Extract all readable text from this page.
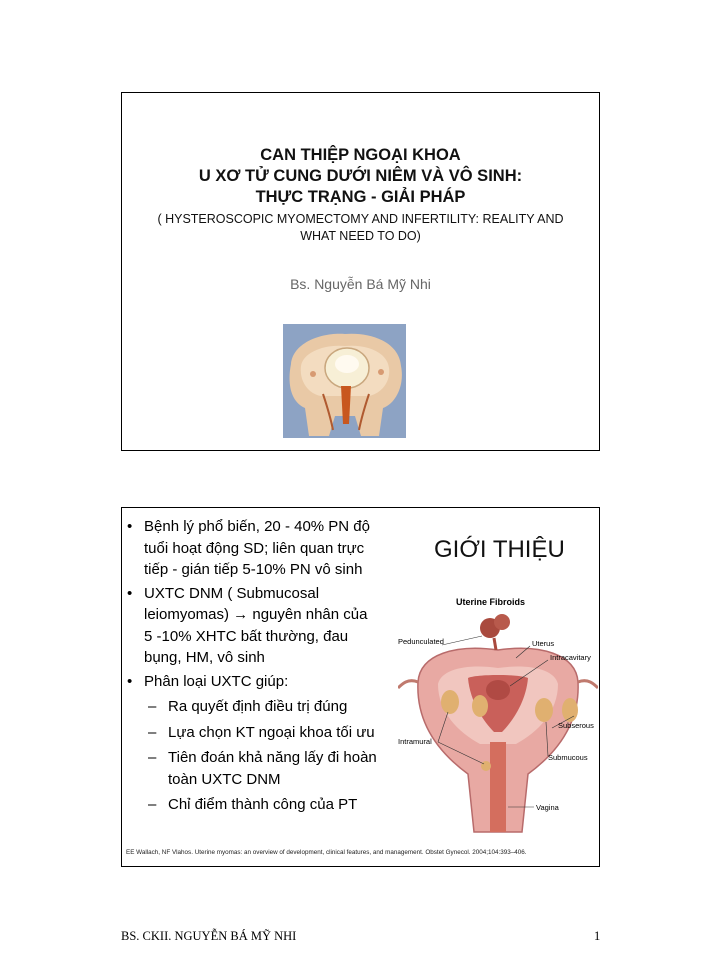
CAN THIỆP NGOẠI KHOA
U XƠ TỬ CUNG DƯỚI NIÊM VÀ VÔ SINH:
THỰC TRẠNG - GIẢI PHÁP
( HYSTEROSCOPIC MYOMECTOMY AND INFERTILITY: REALITY AND
WHAT NEED TO DO)
Bs. Nguyễn Bá Mỹ Nhi
• Bệnh lý phổ biến, 20 - 40% PN độ
tuổi hoạt động SD; liên quan trực
tiếp - gián tiếp 5-10% PN vô sinh
• UXTC DNM ( Submucosal
leiomyomas) → nguyên nhân của
5 -10% XHTC bất thường, đau
bụng, HM, vô sinh
• Phân loại UXTC giúp:
– Ra quyết định điều trị đúng
– Lựa chọn KT ngoại khoa tối ưu
– Tiên đoán khả năng lấy đi hoàn
toàn UXTC DNM
– Chỉ điểm thành công của PT
GIỚI THIỆU
Uterine Fibroids
Pedunculated	Uterus
Intracavitary
Subserous
Intramural
Submucous
Vagina
EE Wallach, NF Vlahos. Uterine myomas: an overview of development, clinical features, and management. Obstet Gynecol. 2004;104:393–406.
BS. CKII. NGUYỄN BÁ MỸ NHI	1
